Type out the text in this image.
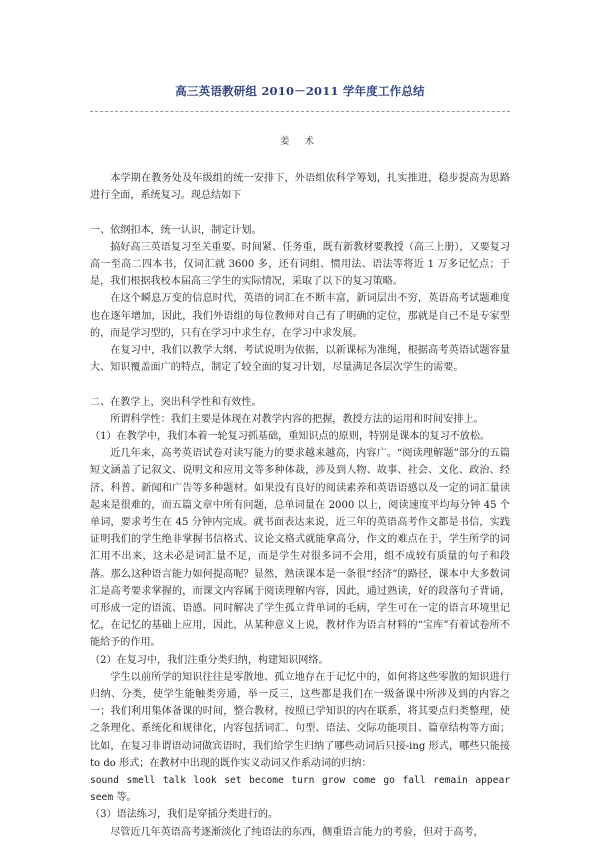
高三英语教研组 2010－2011 学年度工作总结
姜 术

本学期在教务处及年级组的统一安排下，外语组依科学筹划，扎实推进，稳步提高为思路进行全面，系统复习。现总结如下

一、依纲扣本，统一认识，制定计划。

搞好高三英语复习至关重要。时间紧、任务重，既有新教材要教授（高三上册），又要复习高一至高二四本书，仅词汇就 3600 多，还有词组、惯用法、语法等将近 1 万多记忆点；于是，我们根据我校本届高三学生的实际情况，采取了以下的复习策略。

在这个瞬息万变的信息时代，英语的词汇在不断丰富，新词层出不穷，英语高考试题难度也在逐年增加，因此，我们外语组的每位教师对自己有了明确的定位，那就是自己不是专家型的，而是学习型的，只有在学习中求生存，在学习中求发展。

在复习中，我们以教学大纲、考试说明为依据，以新课标为准绳，根据高考英语试题容量大、知识覆盖面广的特点，制定了较全面的复习计划，尽量满足各层次学生的需要。

二、在教学上，突出科学性和有效性。

所谓科学性：我们主要是体现在对教学内容的把握，教授方法的运用和时间安排上。

（1）在教学中，我们本着一轮复习抓基础，重知识点的原则，特别是课本的复习不放松。

近几年来，高考英语试卷对读写能力的要求越来越高，内容广。“阅读理解题”部分的五篇短文涵盖了记叙文、说明文和应用文等多种体裁，涉及到人物、故事、社会、文化、政治、经济、科普、新闻和广告等多种题材。如果没有良好的阅读素养和英语语感以及一定的词汇量读起来是很难的，而五篇文章中所有问题，总单词量在 2000 以上，阅读速度平均每分钟 45 个单词，要求考生在 45 分钟内完成。就书面表达来说，近三年的英语高考作文都是书信，实践证明我们的学生绝非掌握书信格式、议论文格式就能拿高分，作文的难点在于，学生所学的词汇用不出来，这未必是词汇量不足，而是学生对很多词不会用，组不成较有质量的句子和段落。那么这种语言能力如何提高呢？显然，熟读课本是一条很“经济”的路径，课本中大多数词汇是高考要求掌握的，而课文内容属于阅读理解内容，因此，通过熟读，好的段落句子背诵，可形成一定的语流、语感。同时解决了学生孤立背单词的毛病，学生可在一定的语言环境里记忆，在记忆的基础上应用，因此，从某种意义上说，教材作为语言材料的“宝库”有着试卷所不能给予的作用。

（2）在复习中，我们注重分类归纳，构建知识网络。

学生以前所学的知识往往是零散地、孤立地存在于记忆中的，如何将这些零散的知识进行归纳、分类，使学生能触类旁通，举一反三，这些都是我们在一级备课中所涉及到的内容之一；我们利用集体备课的时间，整合教材，按照已学知识的内在联系，将其要点归类整理，使之条理化、系统化和规律化，内容包括词汇、句型、语法、交际功能项目、篇章结构等方面；比如，在复习非谓语动词做宾语时，我们给学生归纳了哪些动词后只接-ing 形式，哪些只能接 to do 形式；在教材中出现的既作实义动词又作系动词的归纳：

sound smell talk look set become turn grow come go fall remain appear seem 等。

（3）语法练习，我们是穿插分类进行的。

尽管近几年英语高考逐渐淡化了纯语法的东西，侧重语言能力的考验，但对于高考，
